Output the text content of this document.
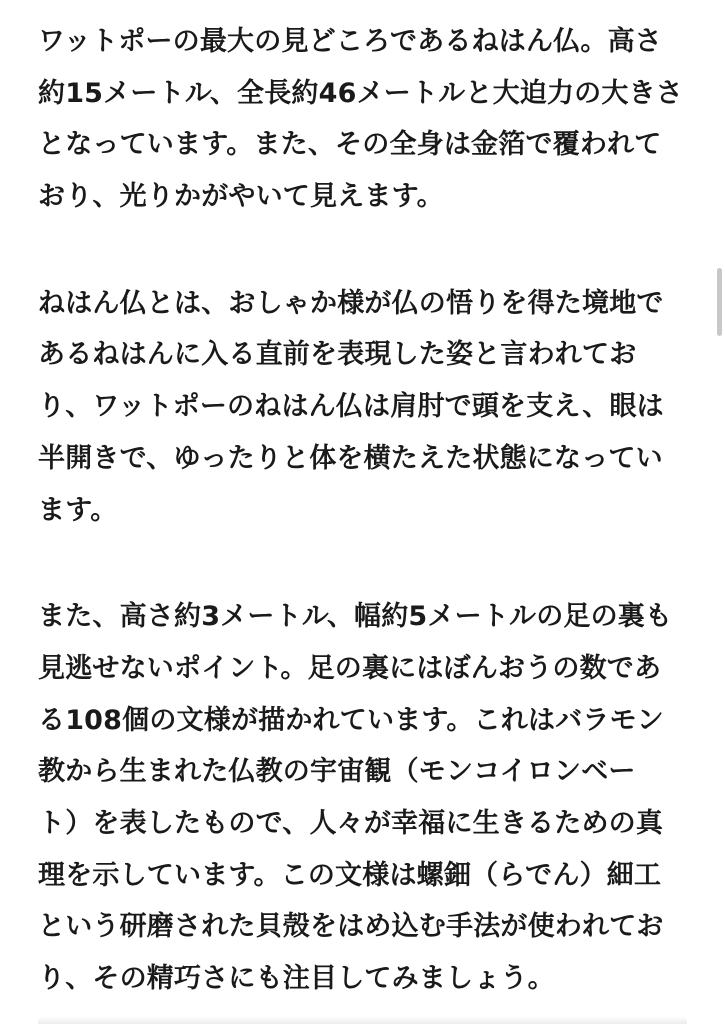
ワットポーの最大の見どころであるねはん仏。高さ
約15メートル、全長約46メートルと大迫力の大きさ
となっています。また、その全身は金箔で覆われて
おり、光りかがやいて見えます。

ねはん仏とは、おしゃか様が仏の悟りを得た境地で
あるねはんに入る直前を表現した姿と言われてお
り、ワットポーのねはん仏は肩肘で頭を支え、眼は
半開きで、ゆったりと体を横たえた状態になってい
ます。

また、高さ約3メートル、幅約5メートルの足の裏も
見逃せないポイント。足の裏にはぼんおうの数であ
る108個の文様が描かれています。これはバラモン
教から生まれた仏教の宇宙観（モンコイロンベー
ト）を表したもので、人々が幸福に生きるための真
理を示しています。この文様は螺鈿（らでん）細工
という研磨された貝殻をはめ込む手法が使われてお
り、その精巧さにも注目してみましょう。
